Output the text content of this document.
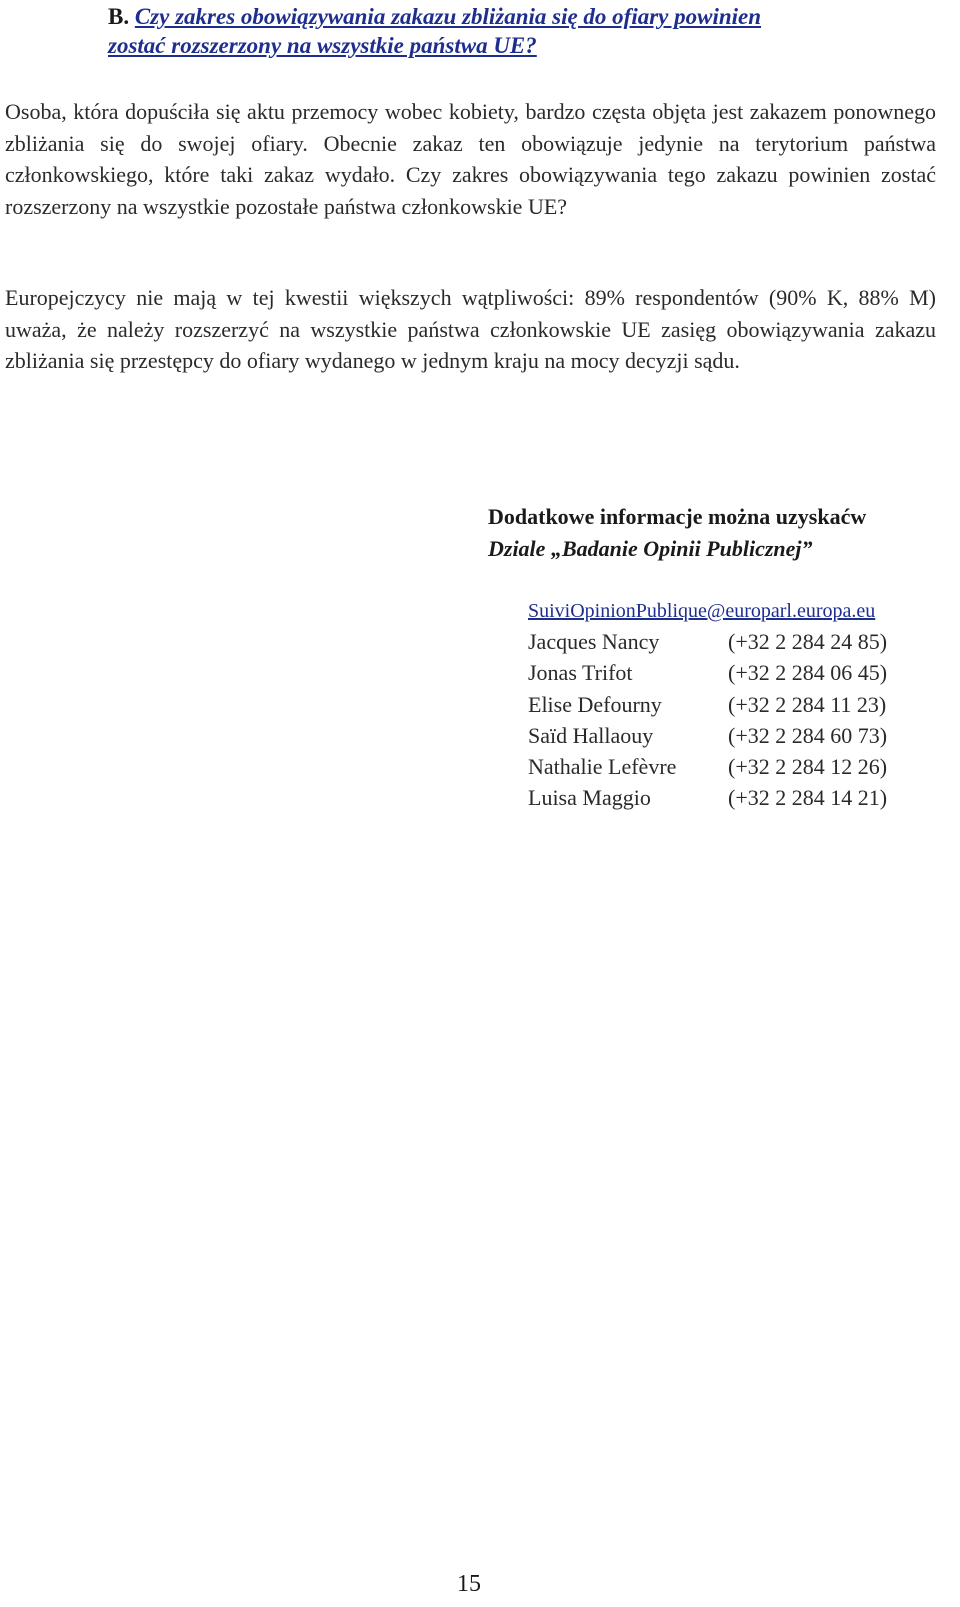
B. Czy zakres obowiązywania zakazu zbliżania się do ofiary powinien
zostać rozszerzony na wszystkie państwa UE?

Osoba, która dopuściła się aktu przemocy wobec kobiety, bardzo częsta objęta jest zakazem ponownego zbliżania się do swojej ofiary. Obecnie zakaz ten obowiązuje jedynie na terytorium państwa członkowskiego, które taki zakaz wydało. Czy zakres obowiązywania tego zakazu powinien zostać rozszerzony na wszystkie pozostałe państwa członkowskie UE?

Europejczycy nie mają w tej kwestii większych wątpliwości: 89% respondentów (90% K, 88% M) uważa, że należy rozszerzyć na wszystkie państwa członkowskie UE zasięg obowiązywania zakazu zbliżania się przestępcy do ofiary wydanego w jednym kraju na mocy decyzji sądu.

Dodatkowe informacje można uzyskaćw
Dziale „Badanie Opinii Publicznej”
SuiviOpinionPublique@europarl.europa.eu
Jacques Nancy	(+32 2 284 24 85)
Jonas Trifot	(+32 2 284 06 45)
Elise Defourny	(+32 2 284 11 23)
Saïd Hallaouy	(+32 2 284 60 73)
Nathalie Lefèvre (+32 2 284 12 26)
Luisa Maggio	(+32 2 284 14 21)
15
